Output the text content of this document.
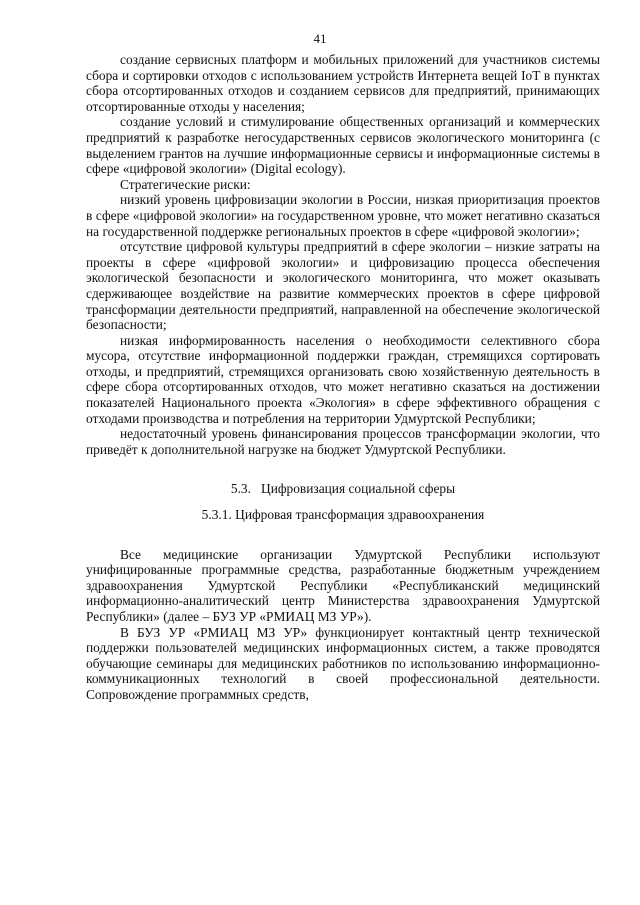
41

создание сервисных платформ и мобильных приложений для участников системы сбора и сортировки отходов с использованием устройств Интернета вещей IoT в пунктах сбора отсортированных отходов и созданием сервисов для предприятий, принимающих отсортированные отходы у населения;

создание условий и стимулирование общественных организаций и коммерческих предприятий к разработке негосударственных сервисов экологического мониторинга (с выделением грантов на лучшие информационные сервисы и информационные системы в сфере «цифровой экологии» (Digital ecology).

Стратегические риски:

низкий уровень цифровизации экологии в России, низкая приоритизация проектов в сфере «цифровой экологии» на государственном уровне, что может негативно сказаться на государственной поддержке региональных проектов в сфере «цифровой экологии»;

отсутствие цифровой культуры предприятий в сфере экологии – низкие затраты на проекты в сфере «цифровой экологии» и цифровизацию процесса обеспечения экологической безопасности и экологического мониторинга, что может оказывать сдерживающее воздействие на развитие коммерческих проектов в сфере цифровой трансформации деятельности предприятий, направленной на обеспечение экологической безопасности;

низкая информированность населения о необходимости селективного сбора мусора, отсутствие информационной поддержки граждан, стремящихся сортировать отходы, и предприятий, стремящихся организовать свою хозяйственную деятельность в сфере сбора отсортированных отходов, что может негативно сказаться на достижении показателей Национального проекта «Экология» в сфере эффективного обращения с отходами производства и потребления на территории Удмуртской Республики;

недостаточный уровень финансирования процессов трансформации экологии, что приведёт к дополнительной нагрузке на бюджет Удмуртской Республики.

5.3.   Цифровизация социальной сферы

5.3.1. Цифровая трансформация здравоохранения

Все медицинские организации Удмуртской Республики используют унифицированные программные средства, разработанные бюджетным учреждением здравоохранения Удмуртской Республики «Республиканский медицинский информационно-аналитический центр Министерства здравоохранения Удмуртской Республики» (далее – БУЗ УР «РМИАЦ МЗ УР»).

В БУЗ УР «РМИАЦ МЗ УР» функционирует контактный центр технической поддержки пользователей медицинских информационных систем, а также проводятся обучающие семинары для медицинских работников по использованию информационно-коммуникационных технологий в своей профессиональной деятельности. Сопровождение программных средств,
